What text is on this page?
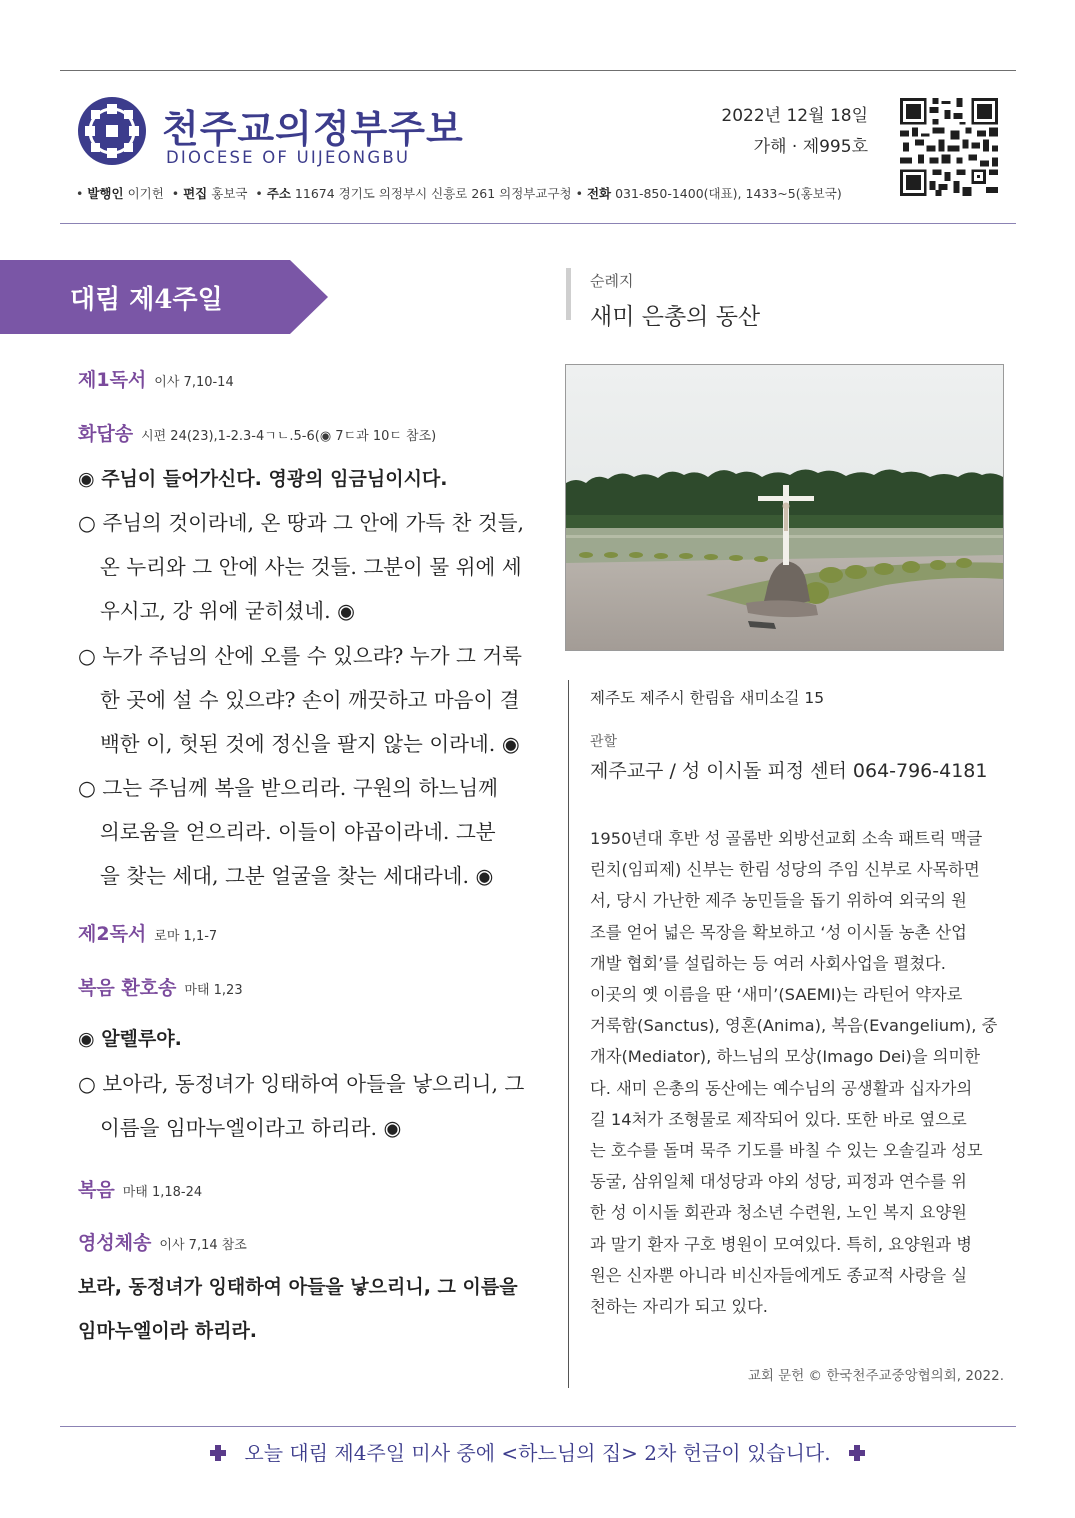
천주교의정부주보
DIOCESE OF UIJEONGBU
2022년 12월 18일
가해 · 제995호
• 발행인 이기헌  • 편집 홍보국  • 주소 11674 경기도 의정부시 신흥로 261 의정부교구청 • 전화 031-850-1400(대표), 1433~5(홍보국)
대림 제4주일
제1독서 이사 7,10-14
화답송 시편 24(23),1-2.3-4ㄱㄴ.5-6(◉ 7ㄷ과 10ㄷ 참조)
◉ 주님이 들어가신다. 영광의 임금님이시다.
○ 주님의 것이라네, 온 땅과 그 안에 가득 찬 것들,
온 누리와 그 안에 사는 것들. 그분이 물 위에 세
우시고, 강 위에 굳히셨네. ◉
○ 누가 주님의 산에 오를 수 있으랴? 누가 그 거룩
한 곳에 설 수 있으랴? 손이 깨끗하고 마음이 결
백한 이, 헛된 것에 정신을 팔지 않는 이라네. ◉
○ 그는 주님께 복을 받으리라. 구원의 하느님께
의로움을 얻으리라. 이들이 야곱이라네. 그분
을 찾는 세대, 그분 얼굴을 찾는 세대라네. ◉
제2독서 로마 1,1-7
복음 환호송 마태 1,23
◉ 알렐루야.
○ 보아라, 동정녀가 잉태하여 아들을 낳으리니, 그
이름을 임마누엘이라고 하리라. ◉
복음 마태 1,18-24
영성체송 이사 7,14 참조
보라, 동정녀가 잉태하여 아들을 낳으리니, 그 이름을
임마누엘이라 하리라.
순례지
새미 은총의 동산
제주도 제주시 한림읍 새미소길 15
관할
제주교구 / 성 이시돌 피정 센터 064-796-4181
1950년대 후반 성 골롬반 외방선교회 소속 패트릭 맥글
린치(임피제) 신부는 한림 성당의 주임 신부로 사목하면
서, 당시 가난한 제주 농민들을 돕기 위하여 외국의 원
조를 얻어 넓은 목장을 확보하고 ‘성 이시돌 농촌 산업
개발 협회’를 설립하는 등 여러 사회사업을 펼쳤다.
이곳의 옛 이름을 딴 ‘새미’(SAEMI)는 라틴어 약자로
거룩함(Sanctus), 영혼(Anima), 복음(Evangelium), 중
개자(Mediator), 하느님의 모상(Imago Dei)을 의미한
다. 새미 은총의 동산에는 예수님의 공생활과 십자가의
길 14처가 조형물로 제작되어 있다. 또한 바로 옆으로
는 호수를 돌며 묵주 기도를 바칠 수 있는 오솔길과 성모
동굴, 삼위일체 대성당과 야외 성당, 피정과 연수를 위
한 성 이시돌 회관과 청소년 수련원, 노인 복지 요양원
과 말기 환자 구호 병원이 모여있다. 특히, 요양원과 병
원은 신자뿐 아니라 비신자들에게도 종교적 사랑을 실
천하는 자리가 되고 있다.
교회 문헌 © 한국천주교중앙협의회, 2022.
오늘 대림 제4주일 미사 중에 <하느님의 집> 2차 헌금이 있습니다.
